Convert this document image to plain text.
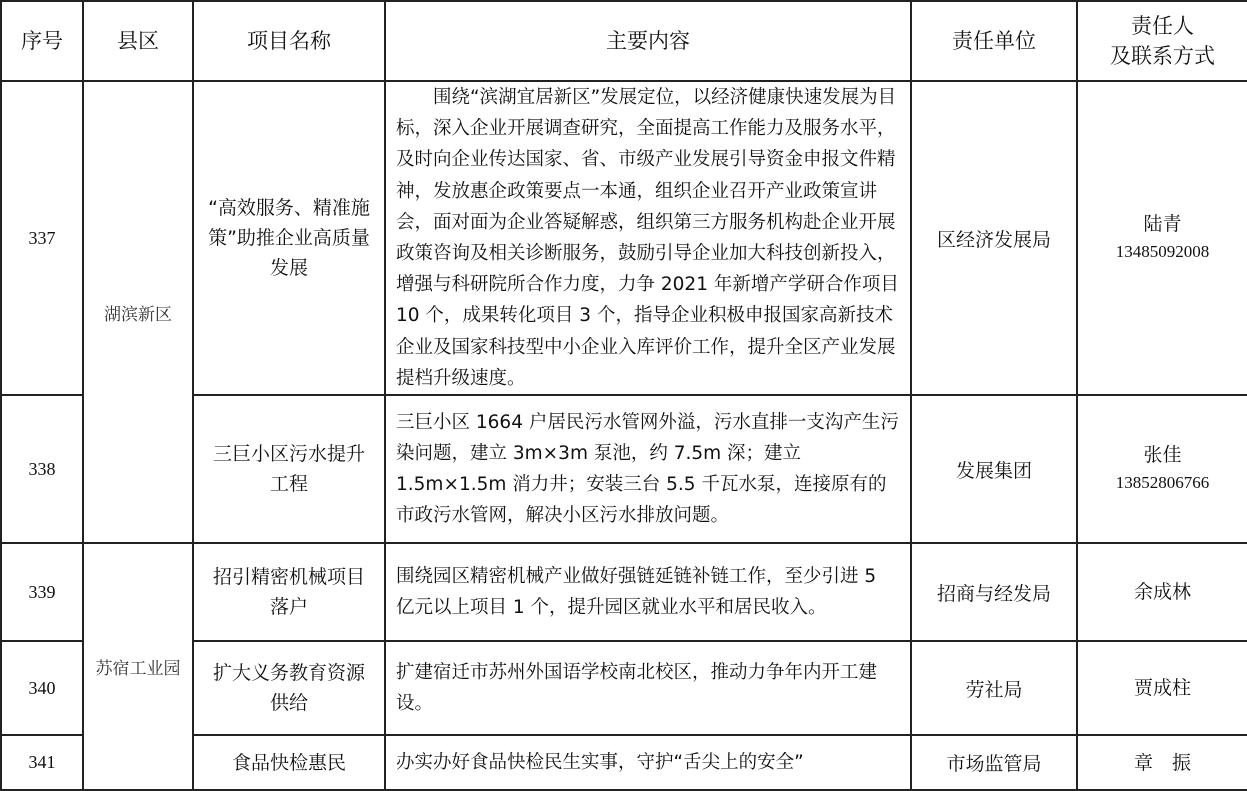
序号	县区	项目名称	主要内容	责任单位	责任人
及联系方式

337	湖滨新区	“高效服务、精准施策”助推企业高质量发展	围绕“滨湖宜居新区”发展定位，以经济健康快速发展为目标，深入企业开展调查研究，全面提高工作能力及服务水平，及时向企业传达国家、省、市级产业发展引导资金申报文件精神，发放惠企政策要点一本通，组织企业召开产业政策宣讲会，面对面为企业答疑解惑，组织第三方服务机构赴企业开展政策咨询及相关诊断服务，鼓励引导企业加大科技创新投入，增强与科研院所合作力度，力争 2021 年新增产学研合作项目 10 个，成果转化项目 3 个，指导企业积极申报国家高新技术企业及国家科技型中小企业入库评价工作，提升全区产业发展提档升级速度。	区经济发展局	陆青
13485092008

338		三巨小区污水提升工程	三巨小区 1664 户居民污水管网外溢，污水直排一支沟产生污染问题，建立 3m×3m 泵池，约 7.5m 深；建立 1.5m×1.5m 消力井；安装三台 5.5 千瓦水泵，连接原有的市政污水管网，解决小区污水排放问题。	发展集团	张佳
13852806766

339	苏宿工业园	招引精密机械项目落户	围绕园区精密机械产业做好强链延链补链工作，至少引进 5 亿元以上项目 1 个，提升园区就业水平和居民收入。	招商与经发局	余成林
340		扩大义务教育资源供给	扩建宿迁市苏州外国语学校南北校区，推动力争年内开工建设。	劳社局	贾成柱
341		食品快检惠民	办实办好食品快检民生实事，守护“舌尖上的安全”	市场监管局	章　振
